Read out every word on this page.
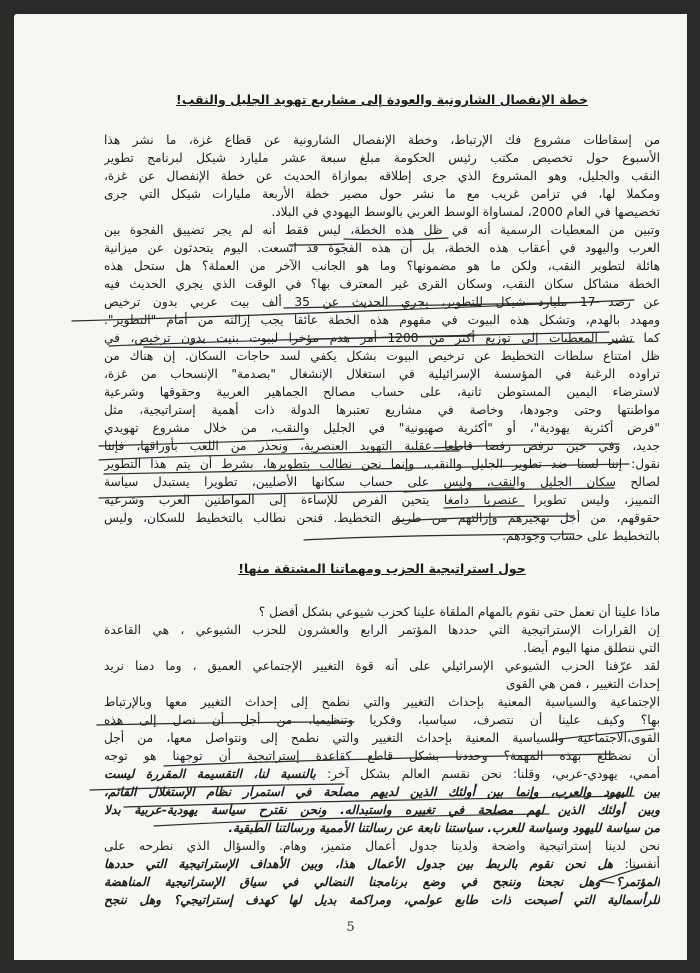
خطة الإنفصال الشارونية والعودة إلى مشاريع تهويد الجليل والنقب!
من إسقاطات مشروع فك الإرتباط، وخطة الإنفصال الشارونية عن قطاع غزة، ما نشر هذا
الأسبوع حول تخصيص مكتب رئيس الحكومة مبلغ سبعة عشر مليارد شيكل لبرنامج تطوير
النقب والجليل، وهو المشروع الذي جرى إطلاقه بموازاة الحديث عن خطة الإنفصال عن غزة،
ومكملا لها، في تزامن غريب مع ما نشر حول مصير خطة الأربعة مليارات شيكل التي جرى
تخصيصها في العام 2000، لمساواة الوسط العربي بالوسط اليهودي في البلاد.
وتبين من المعطيات الرسمية أنه في ظل هذه الخطة، ليس فقط أنه لم يجر تضييق الفجوة بين
العرب واليهود في أعقاب هذه الخطة، بل أن هذه الفجوة قد اتسعت. اليوم يتحدثون عن ميزانية
هائلة لتطوير النقب، ولكن ما هو مضمونها؟ وما هو الجانب الآخر من العملة؟ هل ستحل هذه
الخطة مشاكل سكان النقب، وسكان القرى غير المعترف بها؟ في الوقت الذي يجري الحديث فيه
عن رصد 17 مليارد شيكل للتطوير، يجري الحديث عن 35 ألف بيت عربي بدون ترخيص
ومهدد بالهدم، وتشكل هذه البيوت في مفهوم هذه الخطة عائقا يجب إزالته من أمام "التطوير".
كما تشير المعطيات إلى توزيع أكثر من 1200 أمر هدم مؤخرا لبيوت بنيت بدون ترخيص، في
ظل امتناع سلطات التخطيط عن ترخيص البيوت بشكل يكفي لسد حاجات السكان. إن هناك من
تراوده الرغبة في المؤسسة الإسرائيلية في استغلال الإنشغال "بصدمة" الإنسحاب من غزة،
لاسترضاء اليمين المستوطن ثانية، على حساب مصالح الجماهير العربية وحقوقها وشرعية
مواطنتها وحتى وجودها، وخاصة في مشاريع تعتبرها الدولة ذات أهمية إستراتيجية، مثل
"فرض أكثرية يهودية"، أو "أكثرية صهيونية" في الجليل والنقب، من خلال مشروع تهويدي
جديد، وفي حين نرفض رفضا قاطعا عقلية التهويد العنصرية، ونحذر من اللعب بأوراقها، فإننا
نقول: إننا لسنا ضد تطوير الجليل والنقب، وإنما نحن نطالب بتطويرها، بشرط أن يتم هذا التطوير
لصالح سكان الجليل والنقب، وليس على حساب سكانها الأصليين، تطويرا يستبدل سياسة
التمييز، وليس تطويرا عنصريا دامغا يتحين الفرص للإساءة إلى المواطنين العرب وشرعية
حقوقهم، من أجل تهجيرهم وإزالتهم من طريق التخطيط. فنحن نطالب بالتخطيط للسكان، وليس
بالتخطيط على حساب وجودهم.
حول استراتيجية الحزب ومهماتنا المشتقة منها!
ماذا علينا أن نعمل حتى نقوم بالمهام الملقاة علينا كحزب شيوعي بشكل أفضل ؟
إن القرارات الإستراتيجية التي حددها المؤتمر الرابع والعشرون للحزب الشيوعي ، هي القاعدة
التي ننطلق منها اليوم أيضا.
لقد عرّفنا الحزب الشيوعي الإسرائيلي على أنه قوة التغيير الإجتماعي العميق ، وما دمنا نريد
إحداث التغيير ، فمن هي القوى
الإجتماعية والسياسية المعنية بإحداث التغيير والتي نطمح إلى إحداث التغيير معها وبالإرتباط
بها؟ وكيف علينا أن نتصرف، سياسيا، وفكريا وتنظيميا، من أجل أن نصل إلى هذه
القوى،الاجتماعية والسياسية المعنية بإحداث التغيير والتي نطمح إلى ونتواصل معها، من أجل
أن نضطلع بهذه المهمة؟ وحددنا بشكل قاطع كقاعدة إستراتيجية أن توجهنا هو توجه
أممي، يهودي-عربي، وقلنا: نحن نقسم العالم بشكل آخر: بالنسبة لنا، التقسيمة المقررة ليست
بين اليهود والعرب، وإنما بين أولئك الذين لديهم مصلحة في استمرار نظام الإستغلال القائم،
وبين أولئك الذين لهم مصلحة في تغييره واستبداله. ونحن نقترح سياسة يهودية-عربية بدلا
من سياسة لليهود وسياسة للعرب. سياستنا نابعة عن رسالتنا الأممية ورسالتنا الطبقية.
نحن لدينا إستراتيجية واضحة ولدينا جدول أعمال متميز، وهام. والسؤال الذي نطرحه على
أنفسنا: هل نحن نقوم بالربط بين جدول الأعمال هذا، وبين الأهداف الإستراتيجية التي حددها
المؤتمر؟ وهل نجحنا وننجح في وضع برنامجنا النضالي في سياق الإستراتيجية المناهضة
للرأسمالية التي أصبحت ذات طابع عولمي، ومراكمة بديل لها كهدف إستراتيجي؟ وهل ننجح
5
